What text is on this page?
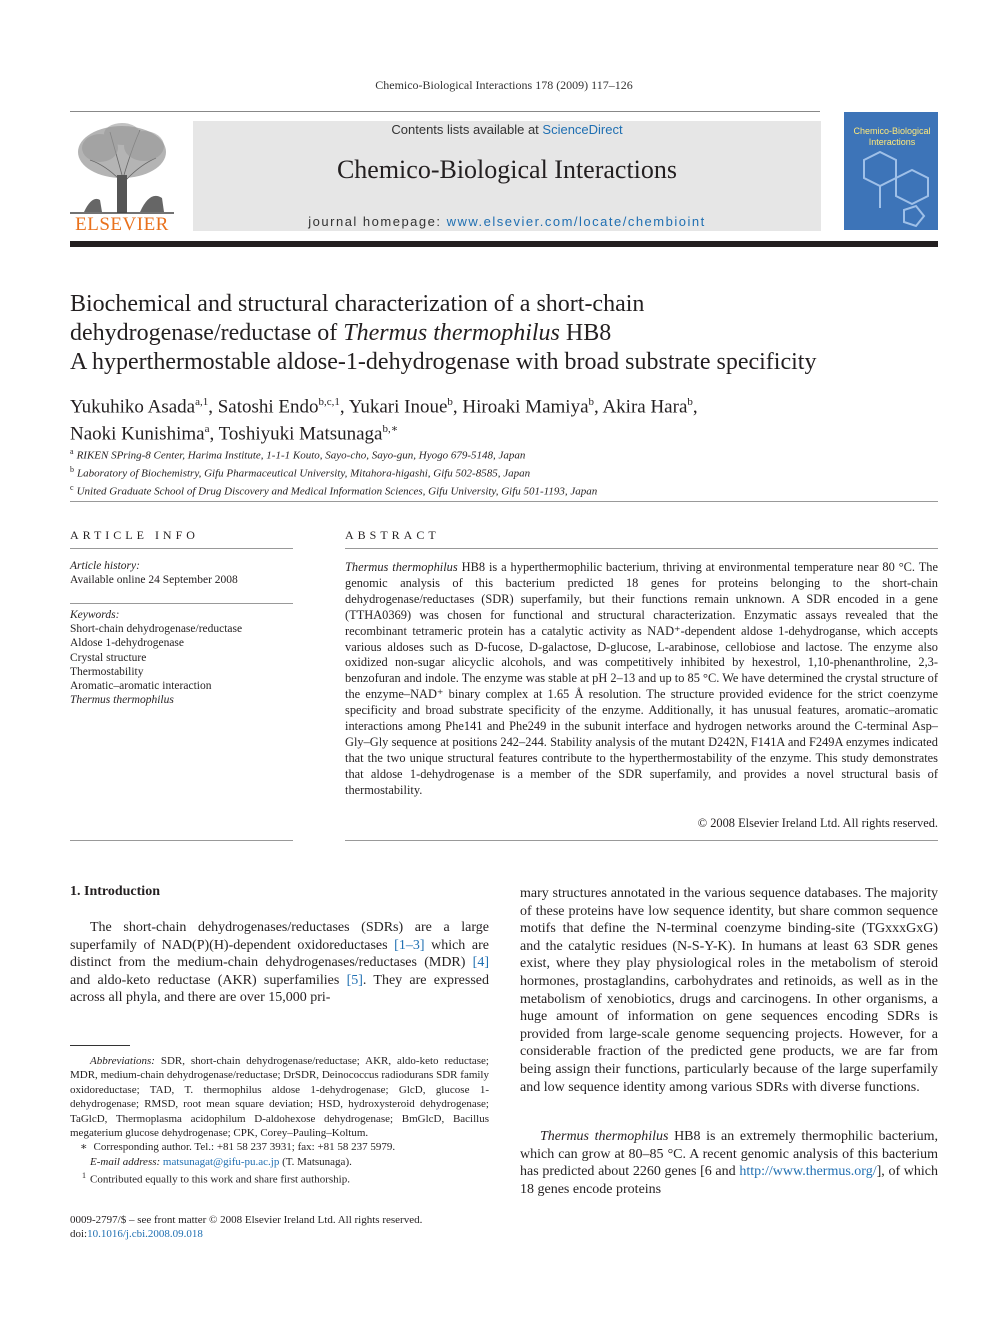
Chemico-Biological Interactions 178 (2009) 117–126
ELSEVIER
Contents lists available at ScienceDirect
Chemico-Biological Interactions
journal homepage: www.elsevier.com/locate/chembioint
Chemico-Biological Interactions
Biochemical and structural characterization of a short-chain
dehydrogenase/reductase of Thermus thermophilus HB8
A hyperthermostable aldose-1-dehydrogenase with broad substrate specificity
Yukuhiko Asada$^{a,1}$, Satoshi Endo$^{b,c,1}$, Yukari Inoue$^b$, Hiroaki Mamiya$^b$, Akira Hara$^b$,
Naoki Kunishima$^a$, Toshiyuki Matsunaga$^{b,∗}$
$^a$ RIKEN SPring-8 Center, Harima Institute, 1-1-1 Kouto, Sayo-cho, Sayo-gun, Hyogo 679-5148, Japan
$^b$ Laboratory of Biochemistry, Gifu Pharmaceutical University, Mitahora-higashi, Gifu 502-8585, Japan
$^c$ United Graduate School of Drug Discovery and Medical Information Sciences, Gifu University, Gifu 501-1193, Japan
ARTICLE INFO
Article history:
Available online 24 September 2008
Keywords:
Short-chain dehydrogenase/reductase
Aldose 1-dehydrogenase
Crystal structure
Thermostability
Aromatic–aromatic interaction
Thermus thermophilus
ABSTRACT
Thermus thermophilus HB8 is a hyperthermophilic bacterium, thriving at environmental temperature near 80 °C. The genomic analysis of this bacterium predicted 18 genes for proteins belonging to the short-chain dehydrogenase/reductases (SDR) superfamily, but their functions remain unknown. A SDR encoded in a gene (TTHA0369) was chosen for functional and structural characterization. Enzymatic assays revealed that the recombinant tetrameric protein has a catalytic activity as NAD⁺-dependent aldose 1-dehydroganse, which accepts various aldoses such as D-fucose, D-galactose, D-glucose, L-arabinose, cellobiose and lactose. The enzyme also oxidized non-sugar alicyclic alcohols, and was competitively inhibited by hexestrol, 1,10-phenanthroline, 2,3-benzofuran and indole. The enzyme was stable at pH 2–13 and up to 85 °C. We have determined the crystal structure of the enzyme–NAD⁺ binary complex at 1.65 Å resolution. The structure provided evidence for the strict coenzyme specificity and broad substrate specificity of the enzyme. Additionally, it has unusual features, aromatic–aromatic interactions among Phe141 and Phe249 in the subunit interface and hydrogen networks around the C-terminal Asp–Gly–Gly sequence at positions 242–244. Stability analysis of the mutant D242N, F141A and F249A enzymes indicated that the two unique structural features contribute to the hyperthermostability of the enzyme. This study demonstrates that aldose 1-dehydrogenase is a member of the SDR superfamily, and provides a novel structural basis of thermostability.
© 2008 Elsevier Ireland Ltd. All rights reserved.
1. Introduction
The short-chain dehydrogenases/reductases (SDRs) are a large superfamily of NAD(P)(H)-dependent oxidoreductases [1–3] which are distinct from the medium-chain dehydrogenases/reductases (MDR) [4] and aldo-keto reductase (AKR) superfamilies [5]. They are expressed across all phyla, and there are over 15,000 pri-
mary structures annotated in the various sequence databases. The majority of these proteins have low sequence identity, but share common sequence motifs that define the N-terminal coenzyme binding-site (TGxxxGxG) and the catalytic residues (N-S-Y-K). In humans at least 63 SDR genes exist, where they play physiological roles in the metabolism of steroid hormones, prostaglandins, carbohydrates and retinoids, as well as in the metabolism of xenobiotics, drugs and carcinogens. In other organisms, a huge amount of information on gene sequences encoding SDRs is provided from large-scale genome sequencing projects. However, for a considerable fraction of the predicted gene products, we are far from being assign their functions, particularly because of the large superfamily and low sequence identity among various SDRs with diverse functions.
Thermus thermophilus HB8 is an extremely thermophilic bacterium, which can grow at 80–85 °C. A recent genomic analysis of this bacterium has predicted about 2260 genes [6 and http://www.thermus.org/], of which 18 genes encode proteins
Abbreviations: SDR, short-chain dehydrogenase/reductase; AKR, aldo-keto reductase; MDR, medium-chain dehydrogenase/reductase; DrSDR, Deinococcus radiodurans SDR family oxidoreductase; TAD, T. thermophilus aldose 1-dehydrogenase; GlcD, glucose 1-dehydrogenase; RMSD, root mean square deviation; HSD, hydroxysteroid dehydrogenase; TaGlcD, Thermoplasma acidophilum D-aldohexose dehydrogenase; BmGlcD, Bacillus megaterium glucose dehydrogenase; CPK, Corey–Pauling–Koltum.
∗ Corresponding author. Tel.: +81 58 237 3931; fax: +81 58 237 5979.
E-mail address: matsunagat@gifu-pu.ac.jp (T. Matsunaga).
$^1$ Contributed equally to this work and share first authorship.
0009-2797/$ – see front matter © 2008 Elsevier Ireland Ltd. All rights reserved.
doi:10.1016/j.cbi.2008.09.018
